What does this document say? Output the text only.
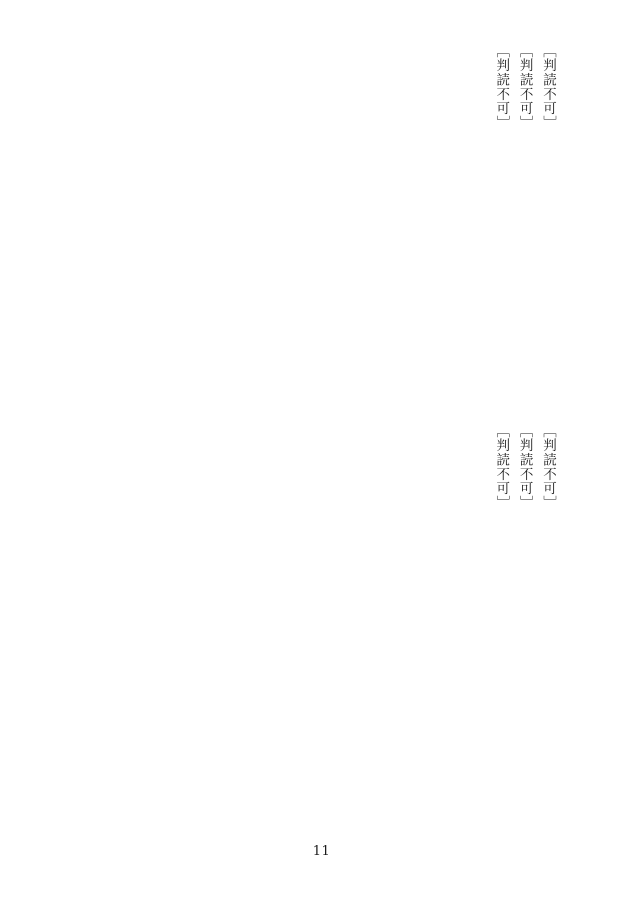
［判読不可］
［判読不可］
［判読不可］
［判読不可］
［判読不可］
［判読不可］
11
